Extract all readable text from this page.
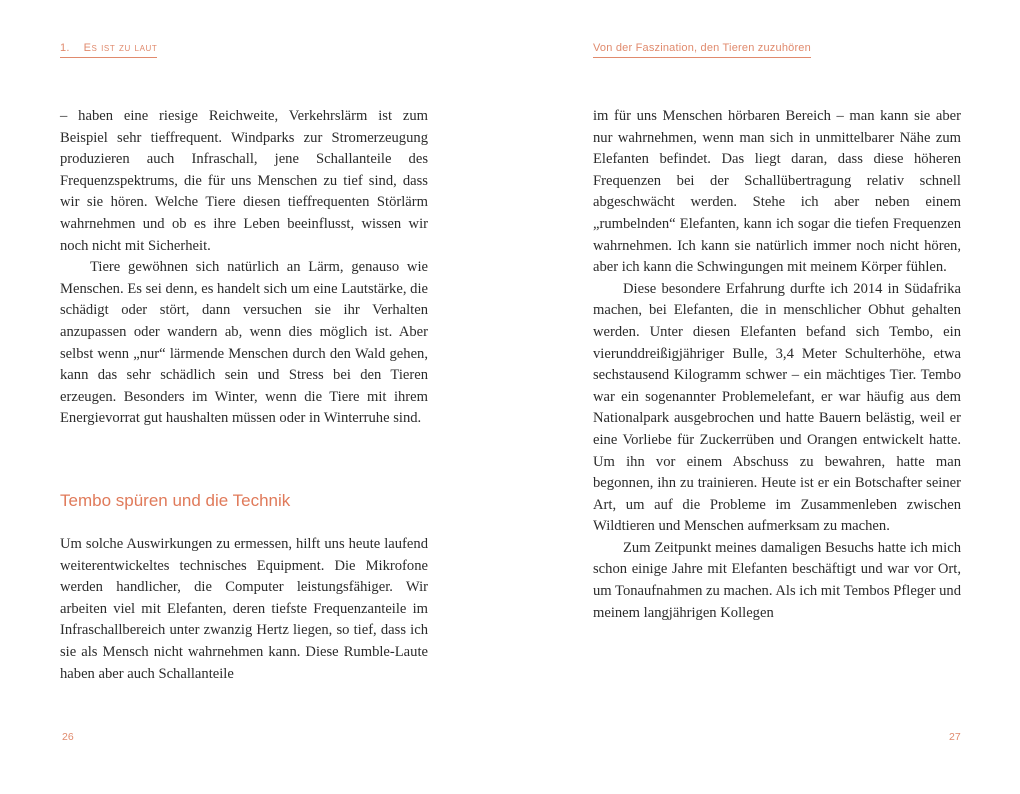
1. Es ist zu laut

– haben eine riesige Reichweite, Verkehrslärm ist zum Beispiel sehr tieffrequent. Windparks zur Stromerzeugung produzieren auch Infraschall, jene Schallanteile des Frequenzspektrums, die für uns Menschen zu tief sind, dass wir sie hören. Welche Tiere diesen tieffrequenten Störlärm wahrnehmen und ob es ihre Leben beeinflusst, wissen wir noch nicht mit Sicherheit.

Tiere gewöhnen sich natürlich an Lärm, genauso wie Menschen. Es sei denn, es handelt sich um eine Lautstärke, die schädigt oder stört, dann versuchen sie ihr Verhalten anzupassen oder wandern ab, wenn dies möglich ist. Aber selbst wenn „nur“ lärmende Menschen durch den Wald gehen, kann das sehr schädlich sein und Stress bei den Tieren erzeugen. Besonders im Winter, wenn die Tiere mit ihrem Energievorrat gut haushalten müssen oder in Winterruhe sind.

Tembo spüren und die Technik

Um solche Auswirkungen zu ermessen, hilft uns heute laufend weiterentwickeltes technisches Equipment. Die Mikrofone werden handlicher, die Computer leistungsfähiger. Wir arbeiten viel mit Elefanten, deren tiefste Frequenzanteile im Infraschallbereich unter zwanzig Hertz liegen, so tief, dass ich sie als Mensch nicht wahrnehmen kann. Diese Rumble-Laute haben aber auch Schallanteile

26
Von der Faszination, den Tieren zuzuhören

im für uns Menschen hörbaren Bereich – man kann sie aber nur wahrnehmen, wenn man sich in unmittelbarer Nähe zum Elefanten befindet. Das liegt daran, dass diese höheren Frequenzen bei der Schallübertragung relativ schnell abgeschwächt werden. Stehe ich aber neben einem „rumbelnden“ Elefanten, kann ich sogar die tiefen Frequenzen wahrnehmen. Ich kann sie natürlich immer noch nicht hören, aber ich kann die Schwingungen mit meinem Körper fühlen.

Diese besondere Erfahrung durfte ich 2014 in Südafrika machen, bei Elefanten, die in menschlicher Obhut gehalten werden. Unter diesen Elefanten befand sich Tembo, ein vierunddreißigjähriger Bulle, 3,4 Meter Schulterhöhe, etwa sechstausend Kilogramm schwer – ein mächtiges Tier. Tembo war ein sogenannter Problemelefant, er war häufig aus dem Nationalpark ausgebrochen und hatte Bauern belästig, weil er eine Vorliebe für Zuckerrüben und Orangen entwickelt hatte. Um ihn vor einem Abschuss zu bewahren, hatte man begonnen, ihn zu trainieren. Heute ist er ein Botschafter seiner Art, um auf die Probleme im Zusammenleben zwischen Wildtieren und Menschen aufmerksam zu machen.

Zum Zeitpunkt meines damaligen Besuchs hatte ich mich schon einige Jahre mit Elefanten beschäftigt und war vor Ort, um Tonaufnahmen zu machen. Als ich mit Tembos Pfleger und meinem langjährigen Kollegen

27
